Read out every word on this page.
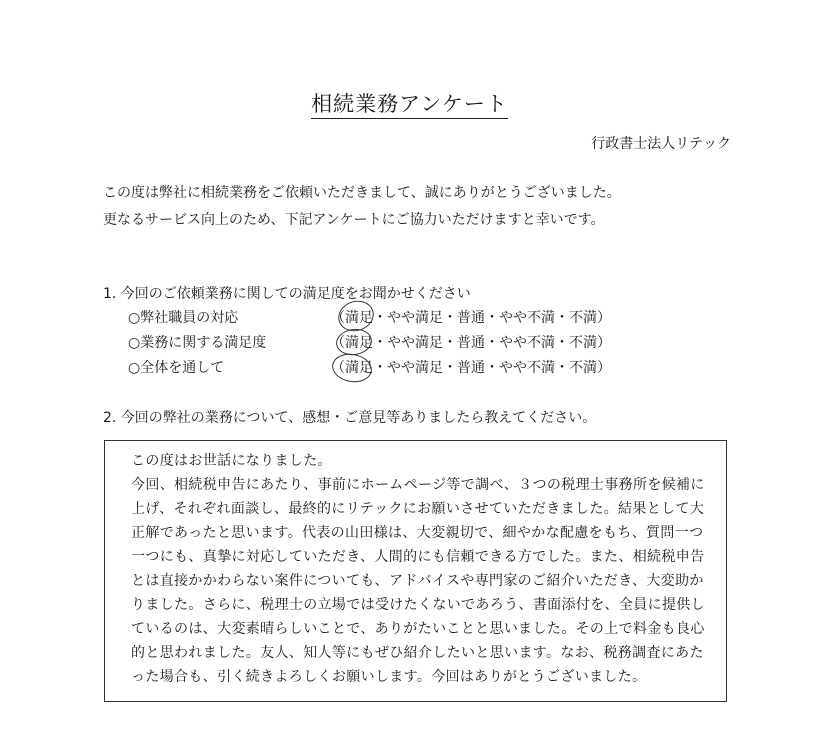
相続業務アンケート
行政書士法人リテック
この度は弊社に相続業務をご依頼いただきまして、誠にありがとうございました。
更なるサービス向上のため、下記アンケートにご協力いただけますと幸いです。
1. 今回のご依頼業務に関しての満足度をお聞かせください
○弊社職員の対応	（満足・やや満足・普通・やや不満・不満）
○業務に関する満足度	（満足・やや満足・普通・やや不満・不満）
○全体を通して	（満足・やや満足・普通・やや不満・不満）
2. 今回の弊社の業務について、感想・ご意見等ありましたら教えてください。
この度はお世話になりました。
今回、相続税申告にあたり、事前にホームページ等で調べ、３つの税理士事務所を候補に
上げ、それぞれ面談し、最終的にリテックにお願いさせていただきました。結果として大
正解であったと思います。代表の山田様は、大変親切で、細やかな配慮をもち、質問一つ
一つにも、真摯に対応していただき、人間的にも信頼できる方でした。また、相続税申告
とは直接かかわらない案件についても、アドバイスや専門家のご紹介いただき、大変助か
りました。さらに、税理士の立場では受けたくないであろう、書面添付を、全員に提供し
ているのは、大変素晴らしいことで、ありがたいことと思いました。その上で料金も良心
的と思われました。友人、知人等にもぜひ紹介したいと思います。なお、税務調査にあた
った場合も、引く続きよろしくお願いします。今回はありがとうございました。
